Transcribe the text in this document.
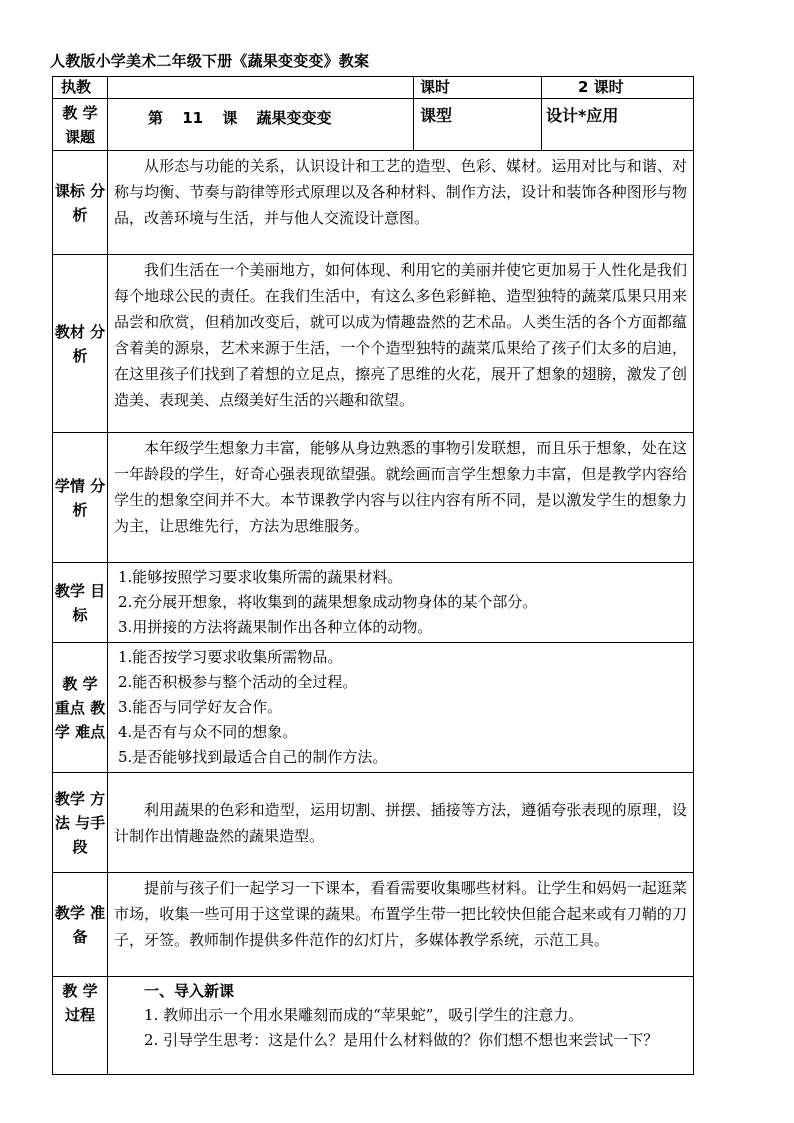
人教版小学美术二年级下册《蔬果变变变》教案
执教		课时	2 课时
教 学 课题	第 11 课 蔬果变变变	课型	设计*应用
课标 分析	从形态与功能的关系，认识设计和工艺的造型、色彩、媒材。运用对比与和谐、对称与均衡、节奏与韵律等形式原理以及各种材料、制作方法，设计和装饰各种图形与物品，改善环境与生活，并与他人交流设计意图。		
教材 分析	我们生活在一个美丽地方，如何体现、利用它的美丽并使它更加易于人性化是我们每个地球公民的责任。在我们生活中，有这么多色彩鲜艳、造型独特的蔬菜瓜果只用来品尝和欣赏，但稍加改变后，就可以成为情趣盎然的艺术品。人类生活的各个方面都蕴含着美的源泉，艺术来源于生活，一个个造型独特的蔬菜瓜果给了孩子们太多的启迪，在这里孩子们找到了着想的立足点，擦亮了思维的火花，展开了想象的翅膀，激发了创造美、表现美、点缀美好生活的兴趣和欲望。		
学情 分析	本年级学生想象力丰富，能够从身边熟悉的事物引发联想，而且乐于想象，处在这一年龄段的学生，好奇心强表现欲望强。就绘画而言学生想象力丰富，但是教学内容给学生的想象空间并不大。本节课教学内容与以往内容有所不同，是以激发学生的想象力为主，让思维先行，方法为思维服务。		
教学 目标	1.能够按照学习要求收集所需的蔬果材料。
2.充分展开想象，将收集到的蔬果想象成动物身体的某个部分。
3.用拼接的方法将蔬果制作出各种立体的动物。		

教 学 重点 教 学 难点	1.能否按学习要求收集所需物品。
2.能否积极参与整个活动的全过程。
3.能否与同学好友合作。
4.是否有与众不同的想象。
5.是否能够找到最适合自己的制作方法。		

教学 方法 与手 段	利用蔬果的色彩和造型，运用切割、拼摆、插接等方法，遵循夸张表现的原理，设计制作出情趣盎然的蔬果造型。		
教学 准备	提前与孩子们一起学习一下课本，看看需要收集哪些材料。让学生和妈妈一起逛菜市场，收集一些可用于这堂课的蔬果。布置学生带一把比较快但能合起来或有刀鞘的刀子，牙签。教师制作提供多件范作的幻灯片，多媒体教学系统，示范工具。		
教 学 过程	一、导入新课
1. 教师出示一个用水果雕刻而成的“苹果蛇”，吸引学生的注意力。
2. 引导学生思考：这是什么？是用什么材料做的？你们想不想也来尝试一下？		
